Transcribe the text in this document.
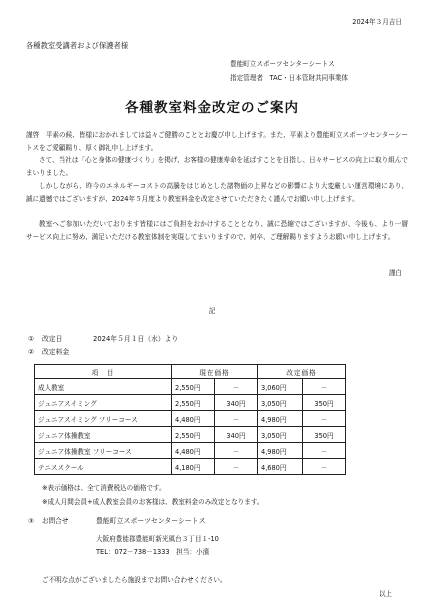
2024年３月吉日
各種教室受講者および保護者様
豊能町立スポーツセンターシートス
指定管理者　TAC・日本管財共同事業体
各種教室料金改定のご案内
謹啓　平素の候、皆様におかれましては益々ご健勝のこととお慶び申し上げます。また、平素より豊能町立スポーツセンターシートスをご愛顧賜り、厚く御礼申し上げます。
さて、当社は「心と身体の健康づくり」を掲げ、お客様の健康寿命を延ばすことを目指し、日々サービスの向上に取り組んでまいりました。
しかしながら、昨今のエネルギーコストの高騰をはじめとした諸物価の上昇などの影響により大変厳しい運営環境にあり、誠に遺憾ではございますが、2024年５月度より教室料金を改定させていただきたく謹んでお願い申し上げます。
教室へご参加いただいております皆様にはご負担をおかけすることとなり、誠に恐縮ではございますが、今後も、より一層サービス向上に努め、満足いただける教室体制を実現してまいりますので、何卒、ご理解賜りますようお願い申し上げます。
謹白
記
① 改定日	2024年５月１日（水）より
② 改定料金
項　目	現在価格		改定価格	
成人教室	2,550円	－	3,060円	－
ジュニアスイミング	2,550円	340円	3,050円	350円
ジュニアスイミング フリーコース	4,480円	－	4,980円	－
ジュニア体操教室	2,550円	340円	3,050円	350円
ジュニア体操教室 フリーコース	4,480円	－	4,980円	－
テニススクール	4,180円	－	4,680円	－
※表示価格は、全て消費税込の価格です。
※成人月間会員+成人教室会員のお客様は、教室料金のみ改定となります。
③ お問合せ	豊能町立スポーツセンターシートス
大阪府豊能郡豊能町新光風台３丁目１-10
TEL：072－738－1333　担当：小濱
ご不明な点がございましたら施設までお問い合わせください。
以上
